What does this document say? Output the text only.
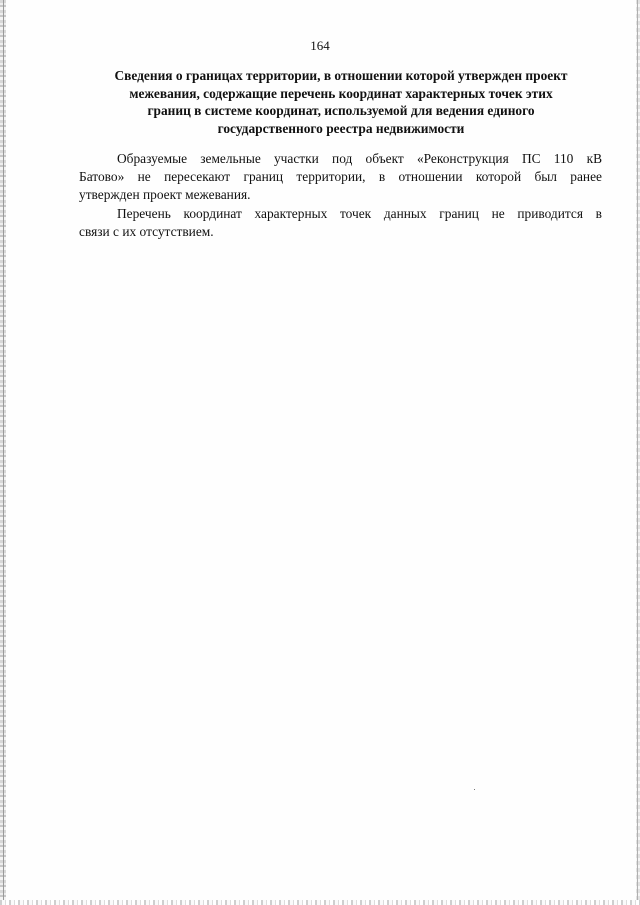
164
Сведения о границах территории, в отношении которой утвержден проект
межевания, содержащие перечень координат характерных точек этих
границ в системе координат, используемой для ведения единого
государственного реестра недвижимости
Образуемые земельные участки под объект «Реконструкция ПС 110 кВ
Батово» не пересекают границ территории, в отношении которой был ранее
утвержден проект межевания.
Перечень координат характерных точек данных границ не приводится в
связи с их отсутствием.
